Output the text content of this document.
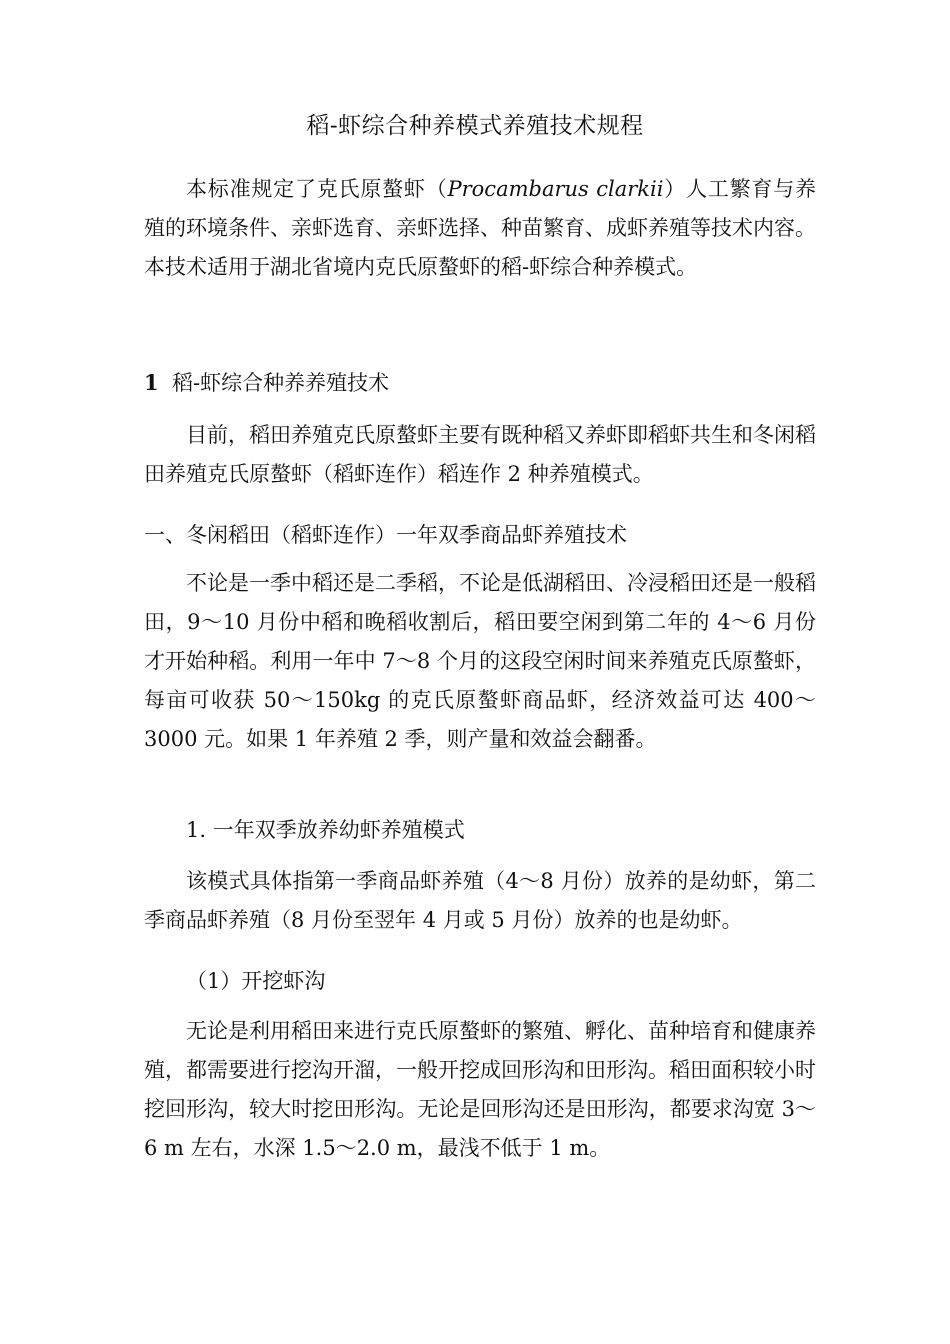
稻-虾综合种养模式养殖技术规程
本标准规定了克氏原螯虾（Procambarus clarkii）人工繁育与养殖的环境条件、亲虾选育、亲虾选择、种苗繁育、成虾养殖等技术内容。本技术适用于湖北省境内克氏原螯虾的稻-虾综合种养模式。
1 稻-虾综合种养养殖技术
目前，稻田养殖克氏原螯虾主要有既种稻又养虾即稻虾共生和冬闲稻田养殖克氏原螯虾（稻虾连作）稻连作 2 种养殖模式。
一、冬闲稻田（稻虾连作）一年双季商品虾养殖技术
不论是一季中稻还是二季稻，不论是低湖稻田、冷浸稻田还是一般稻田，9～10 月份中稻和晚稻收割后，稻田要空闲到第二年的 4～6 月份才开始种稻。利用一年中 7～8 个月的这段空闲时间来养殖克氏原螯虾，每亩可收获 50～150kg 的克氏原螯虾商品虾，经济效益可达 400～3000 元。如果 1 年养殖 2 季，则产量和效益会翻番。
1. 一年双季放养幼虾养殖模式
该模式具体指第一季商品虾养殖（4～8 月份）放养的是幼虾，第二季商品虾养殖（8 月份至翌年 4 月或 5 月份）放养的也是幼虾。
（1）开挖虾沟
无论是利用稻田来进行克氏原螯虾的繁殖、孵化、苗种培育和健康养殖，都需要进行挖沟开溜，一般开挖成回形沟和田形沟。稻田面积较小时挖回形沟，较大时挖田形沟。无论是回形沟还是田形沟，都要求沟宽 3～6 m 左右，水深 1.5～2.0 m，最浅不低于 1 m。
